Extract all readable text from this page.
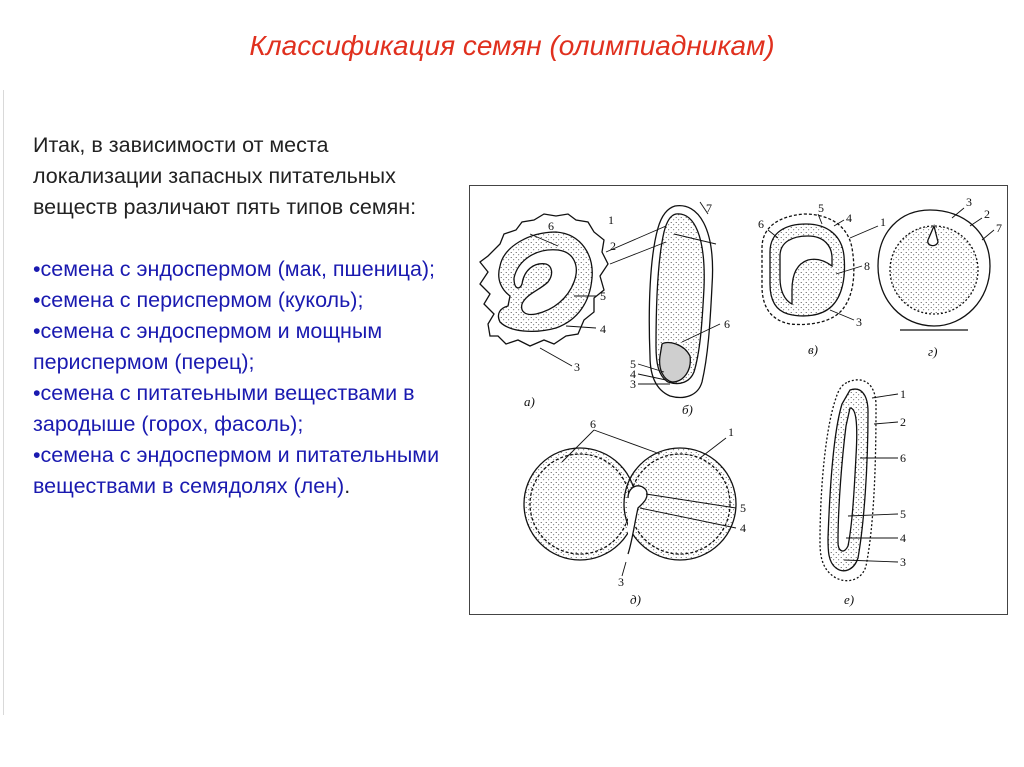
Классификация семян (олимпиадникам)

Итак, в зависимости от места локализации запасных питательных веществ различают пять типов семян:

•семена с эндоспермом (мак, пшеница);
•семена с периспермом (куколь);
•семена с эндоспермом и мощным периспермом (перец);
•семена с питатеьными веществами в зародыше (горох, фасоль);
•семена с эндоспермом и питательными веществами в семядолях (лен).
6
5
4
3
1
2
7
6
5
4
3
6
5
4 1
8
3
3
2
7
6
1
5
4
3
1
2
6
5
4
3
а)
б)
в)	г)
д)	е)
